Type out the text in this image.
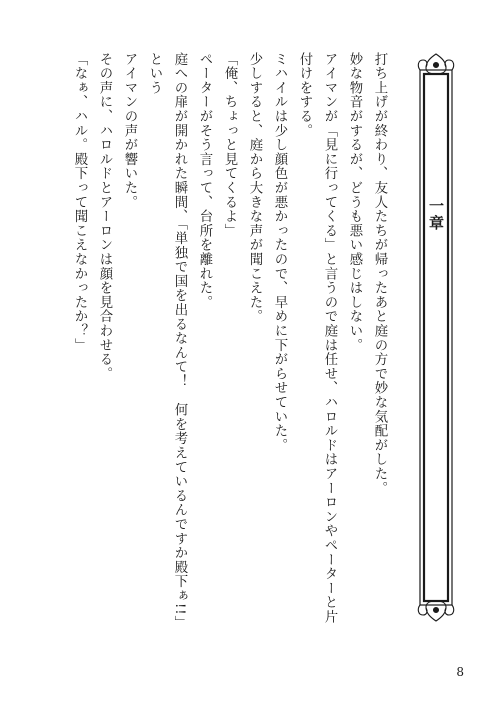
一章

打ち上げが終わり、友人たちが帰ったあと庭の方で妙な気配がした。

妙な物音がするが、どうも悪い感じはしない。

アイマンが「見に行ってくる」と言うので庭は任せ、ハロルドはアーロンやペーターと片付けをする。

ミハイルは少し顔色が悪かったので、早めに下がらせていた。

少しすると、庭から大きな声が聞こえた。

「俺、ちょっと見てくるよ」

ペーターがそう言って、台所を離れた。

庭への扉が開かれた瞬間、「単独で国を出るなんて！　何を考えているんですか殿下ぁ!!」という

アイマンの声が響いた。

その声に、ハロルドとアーロンは顔を見合わせる。

「なぁ、ハル。殿下って聞こえなかったか？」

8
